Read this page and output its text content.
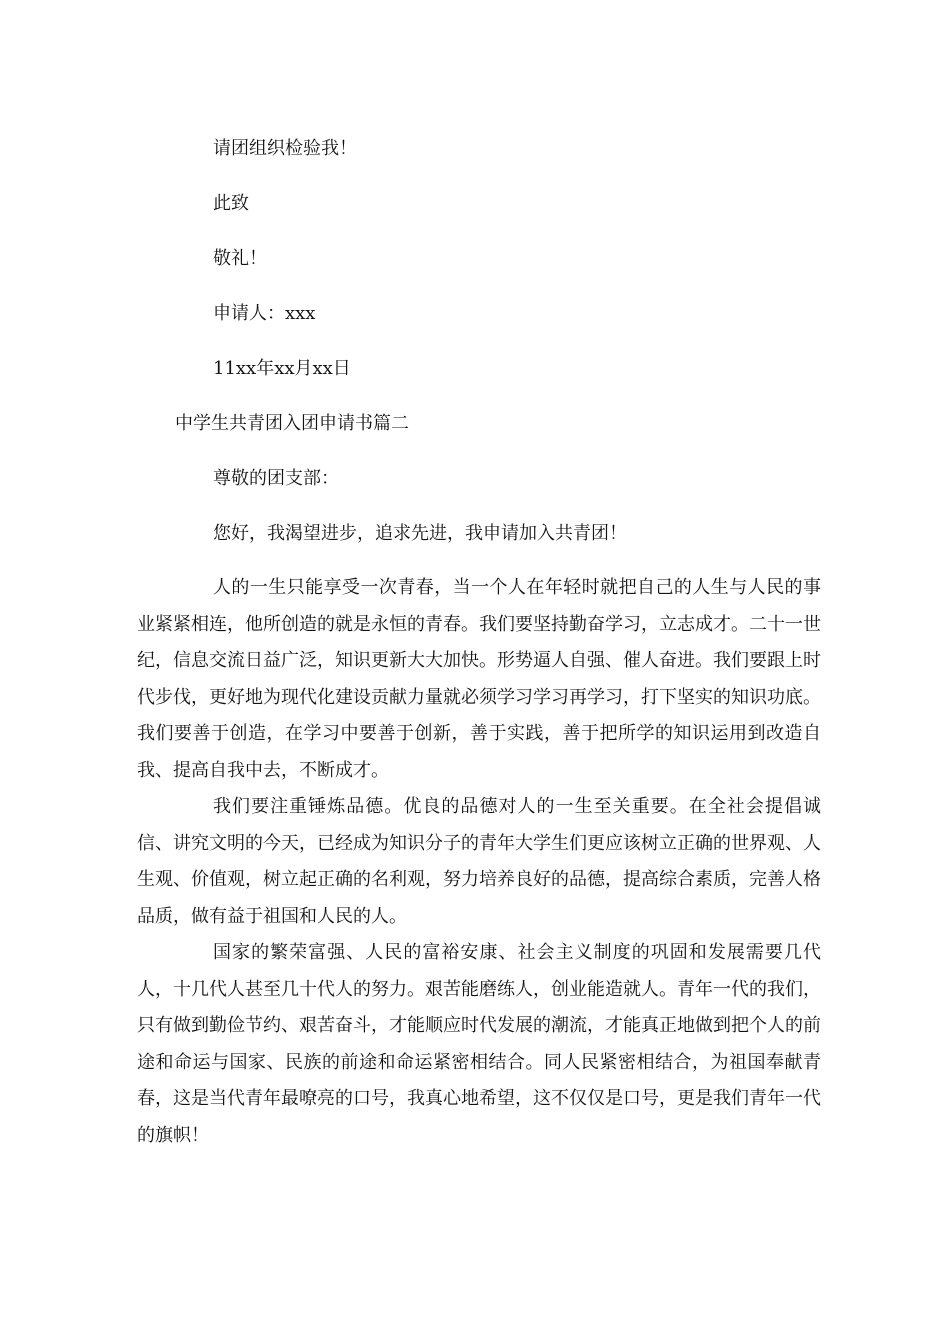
请团组织检验我！
此致
敬礼！
申请人：xxx
11xx年xx月xx日
中学生共青团入团申请书篇二
尊敬的团支部：
您好，我渴望进步，追求先进，我申请加入共青团！

人的一生只能享受一次青春，当一个人在年轻时就把自己的人生与人民的事业紧紧相连，他所创造的就是永恒的青春。我们要坚持勤奋学习，立志成才。二十一世纪，信息交流日益广泛，知识更新大大加快。形势逼人自强、催人奋进。我们要跟上时代步伐，更好地为现代化建设贡献力量就必须学习学习再学习，打下坚实的知识功底。我们要善于创造，在学习中要善于创新，善于实践，善于把所学的知识运用到改造自我、提高自我中去，不断成才。

我们要注重锤炼品德。优良的品德对人的一生至关重要。在全社会提倡诚信、讲究文明的今天，已经成为知识分子的青年大学生们更应该树立正确的世界观、人生观、价值观，树立起正确的名利观，努力培养良好的品德，提高综合素质，完善人格品质，做有益于祖国和人民的人。

国家的繁荣富强、人民的富裕安康、社会主义制度的巩固和发展需要几代人，十几代人甚至几十代人的努力。艰苦能磨练人，创业能造就人。青年一代的我们，只有做到勤俭节约、艰苦奋斗，才能顺应时代发展的潮流，才能真正地做到把个人的前途和命运与国家、民族的前途和命运紧密相结合。同人民紧密相结合，为祖国奉献青春，这是当代青年最嘹亮的口号，我真心地希望，这不仅仅是口号，更是我们青年一代的旗帜！
